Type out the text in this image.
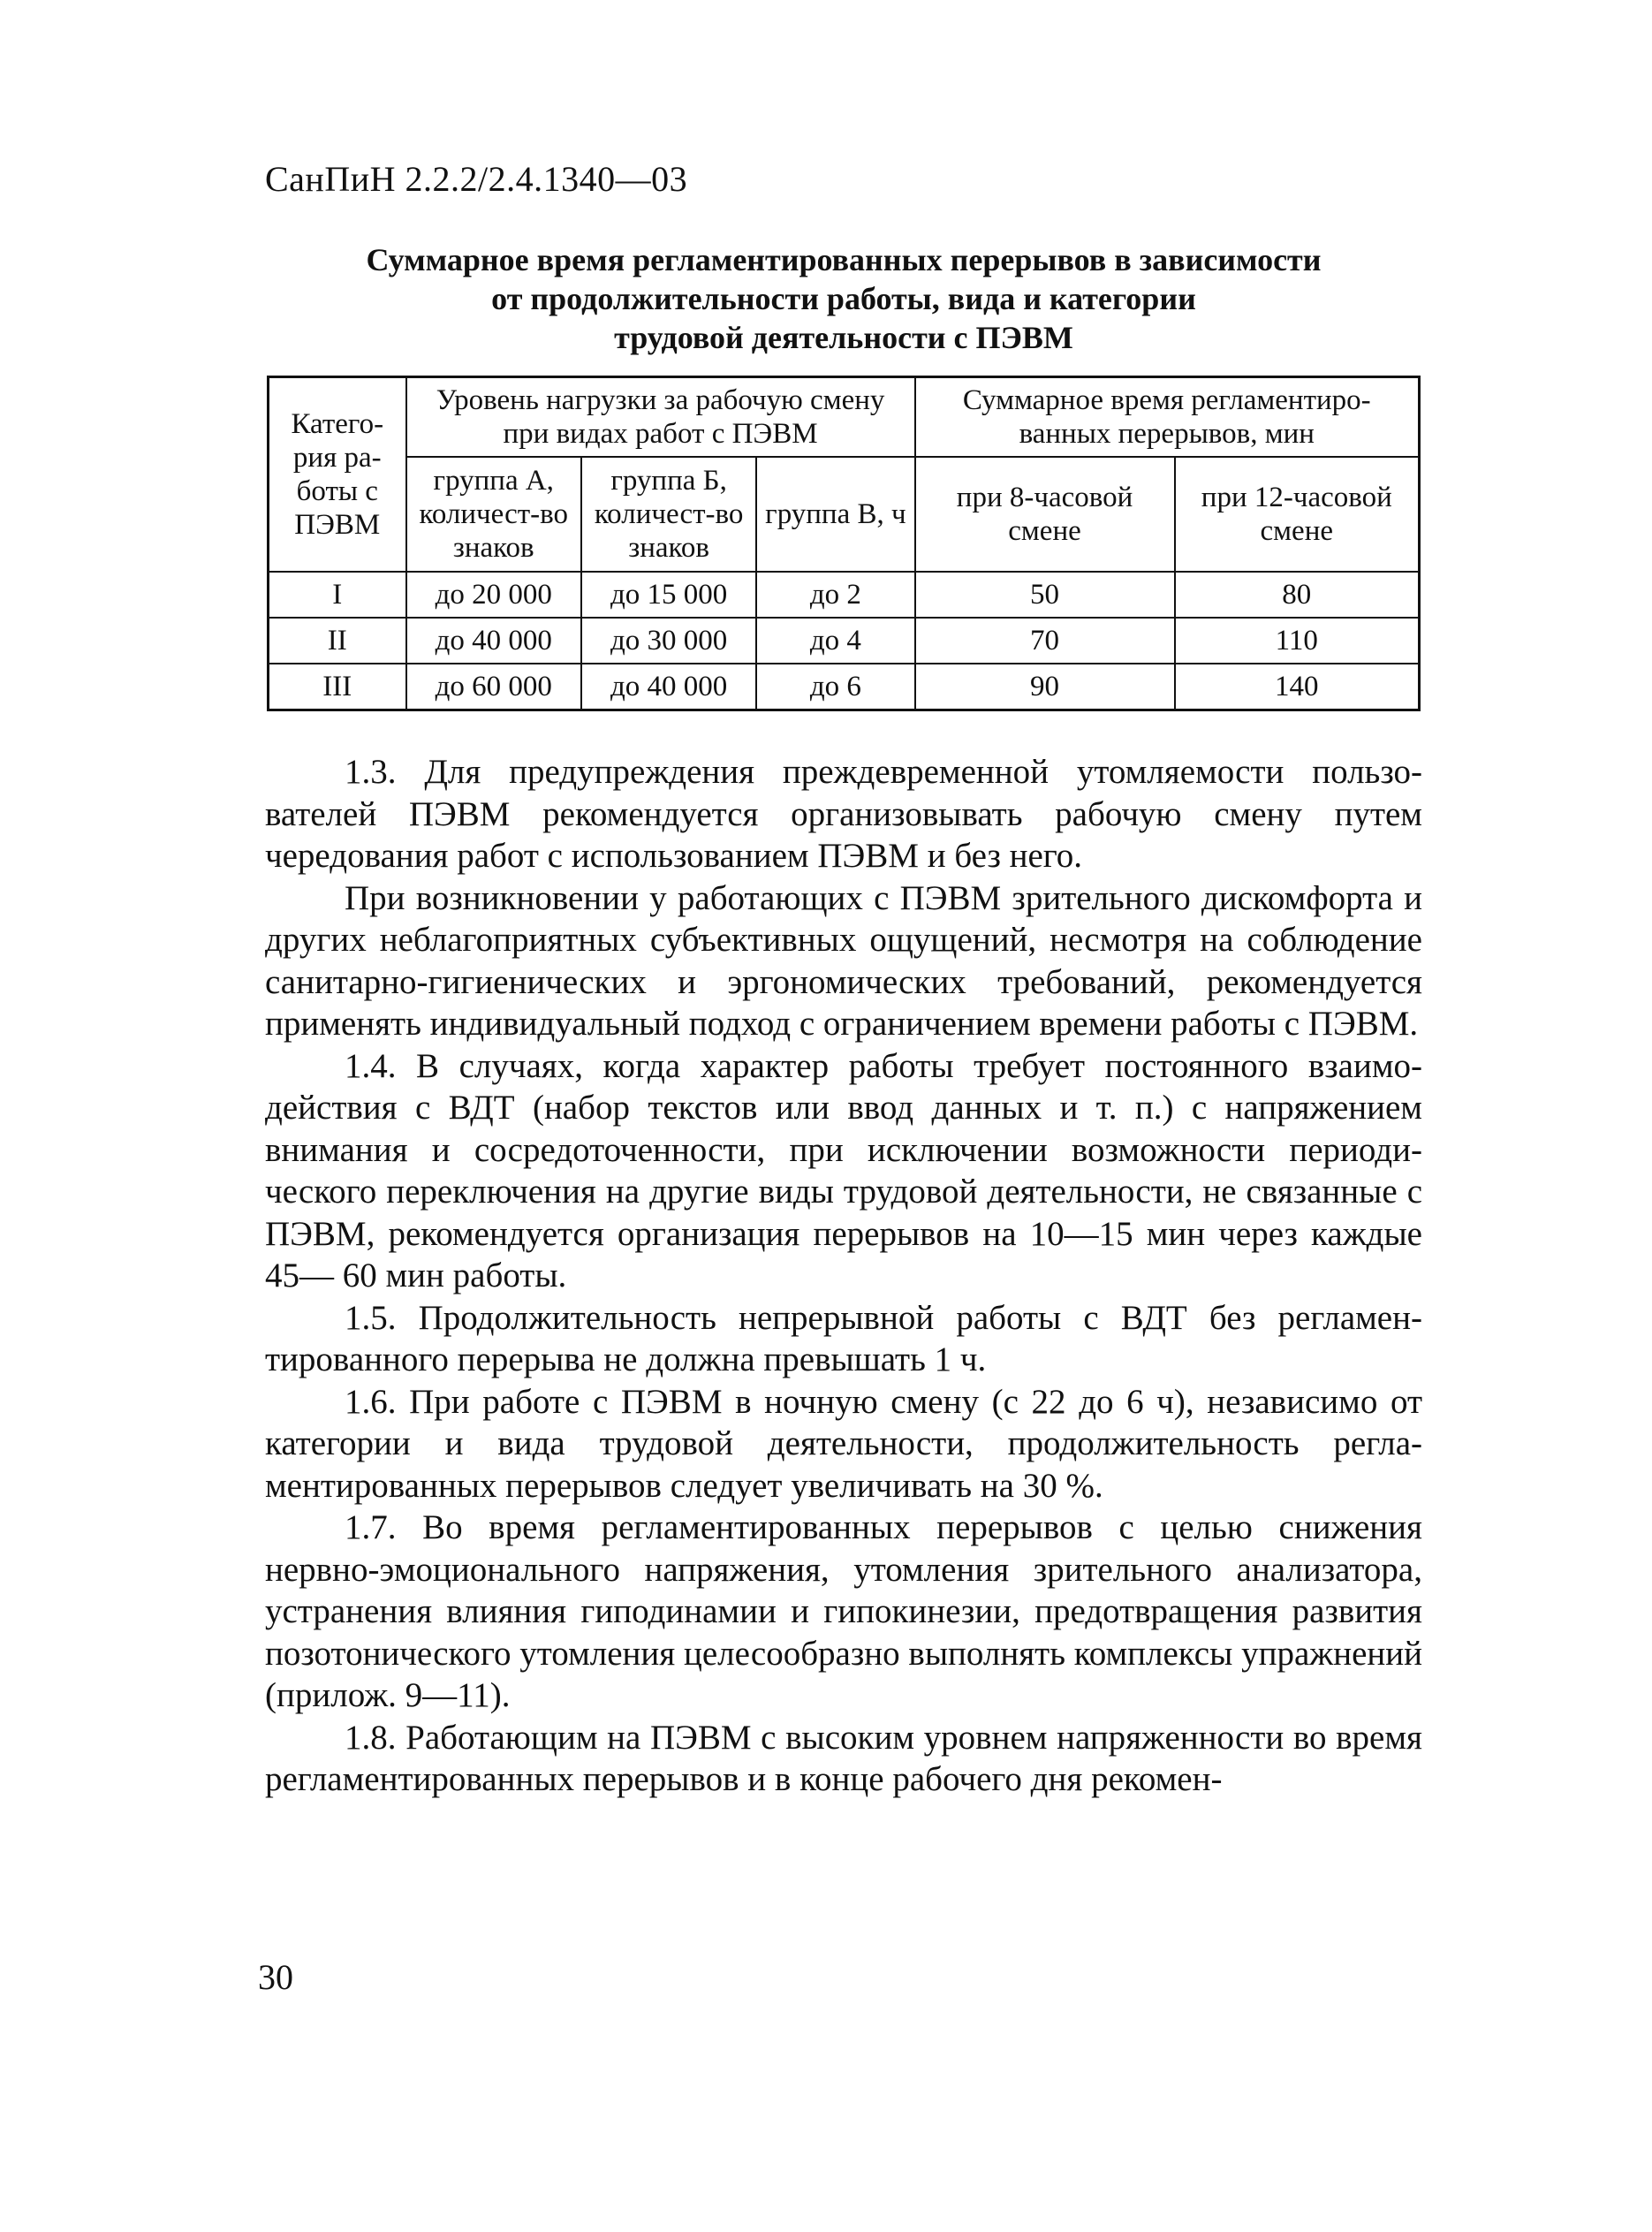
СанПиН 2.2.2/2.4.1340—03
Суммарное время регламентированных перерывов в зависимости
от продолжительности работы, вида и категории
трудовой деятельности с ПЭВМ
Катего-рия ра-боты с ПЭВМ	Уровень нагрузки за рабочую смену при видах работ с ПЭВМ			Суммарное время регламентиро-ванных перерывов, мин	
	группа А, количест-во знаков	группа Б, количест-во знаков	группа В, ч	при 8-часовой смене	при 12-часовой смене
I	до 20 000	до 15 000	до 2	50	80
II	до 40 000	до 30 000	до 4	70	110
III	до 60 000	до 40 000	до 6	90	140

1.3. Для предупреждения преждевременной утомляемости пользователей ПЭВМ рекомендуется организовывать рабочую смену путем чередования работ с использованием ПЭВМ и без него.

При возникновении у работающих с ПЭВМ зрительного дискомфорта и других неблагоприятных субъективных ощущений, несмотря на соблюдение санитарно-гигиенических и эргономических требований, рекомендуется применять индивидуальный подход с ограничением времени работы с ПЭВМ.

1.4. В случаях, когда характер работы требует постоянного взаимодействия с ВДТ (набор текстов или ввод данных и т. п.) с напряжением внимания и сосредоточенности, при исключении возможности периодического переключения на другие виды трудовой деятельности, не связанные с ПЭВМ, рекомендуется организация перерывов на 10—15 мин через каждые 45— 60 мин работы.

1.5. Продолжительность непрерывной работы с ВДТ без регламентированного перерыва не должна превышать 1 ч.

1.6. При работе с ПЭВМ в ночную смену (с 22 до 6 ч), независимо от категории и вида трудовой деятельности, продолжительность регламентированных перерывов следует увеличивать на 30 %.

1.7. Во время регламентированных перерывов с целью снижения нервно-эмоционального напряжения, утомления зрительного анализатора, устранения влияния гиподинамии и гипокинезии, предотвращения развития позотонического утомления целесообразно выполнять комплексы упражнений (прилож. 9—11).

1.8. Работающим на ПЭВМ с высоким уровнем напряженности во время регламентированных перерывов и в конце рабочего дня рекомен-

30
